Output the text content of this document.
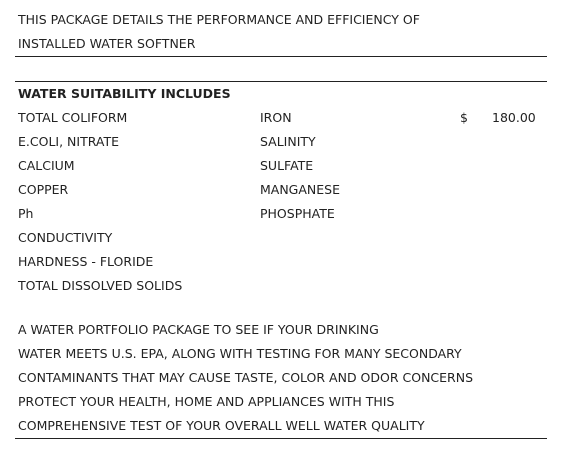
THIS PACKAGE DETAILS THE PERFORMANCE AND EFFICIENCY OF
INSTALLED WATER SOFTNER
WATER SUITABILITY INCLUDES
TOTAL COLIFORM
E.COLI, NITRATE
CALCIUM
COPPER
Ph
CONDUCTIVITY
HARDNESS - FLORIDE
TOTAL DISSOLVED SOLIDS
IRON
SALINITY
SULFATE
MANGANESE
PHOSPHATE
$ 180.00
A WATER PORTFOLIO PACKAGE TO SEE IF YOUR DRINKING
WATER MEETS U.S. EPA, ALONG WITH TESTING FOR MANY SECONDARY
CONTAMINANTS THAT MAY CAUSE TASTE, COLOR AND ODOR CONCERNS
PROTECT YOUR HEALTH, HOME AND APPLIANCES WITH THIS
COMPREHENSIVE TEST OF YOUR OVERALL WELL WATER QUALITY
